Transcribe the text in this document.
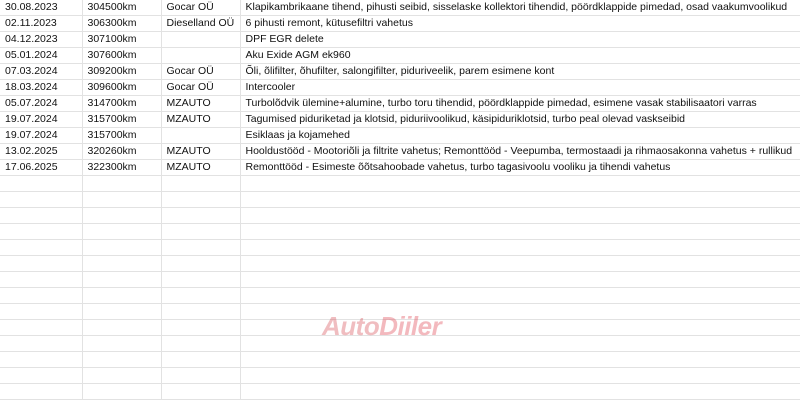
30.08.2023	304500km	Gocar OÜ	Klapikambrikaane tihend, pihusti seibid, sisselaske kollektori tihendid, pöördklappide pimedad, osad vaakumvoolikud
02.11.2023	306300km	Dieselland OÜ	6 pihusti remont, kütusefiltri vahetus
04.12.2023	307100km		DPF EGR delete
05.01.2024	307600km		Aku Exide AGM ek960
07.03.2024	309200km	Gocar OÜ	Õli, õlifilter, õhufilter, salongifilter, piduriveelik, parem esimene kont
18.03.2024	309600km	Gocar OÜ	Intercooler
05.07.2024	314700km	MZAUTO	Turbolõdvik ülemine+alumine, turbo toru tihendid, pöördklappide pimedad, esimene vasak stabilisaatori varras
19.07.2024	315700km	MZAUTO	Tagumised piduriketad ja klotsid, piduriivoolikud, käsipiduriklotsid, turbo peal olevad vaskseibid
19.07.2024	315700km		Esiklaas ja kojamehed
13.02.2025	320260km	MZAUTO	Hooldustööd - Mootoriõli ja filtrite vahetus; Remonttööd - Veepumba, termostaadi ja rihmaosakonna vahetus + rullikud
17.06.2025	322300km	MZAUTO	Remonttööd - Esimeste õõtsahoobade vahetus, turbo tagasivoolu vooliku ja tihendi vahetus

AutoDiiler
